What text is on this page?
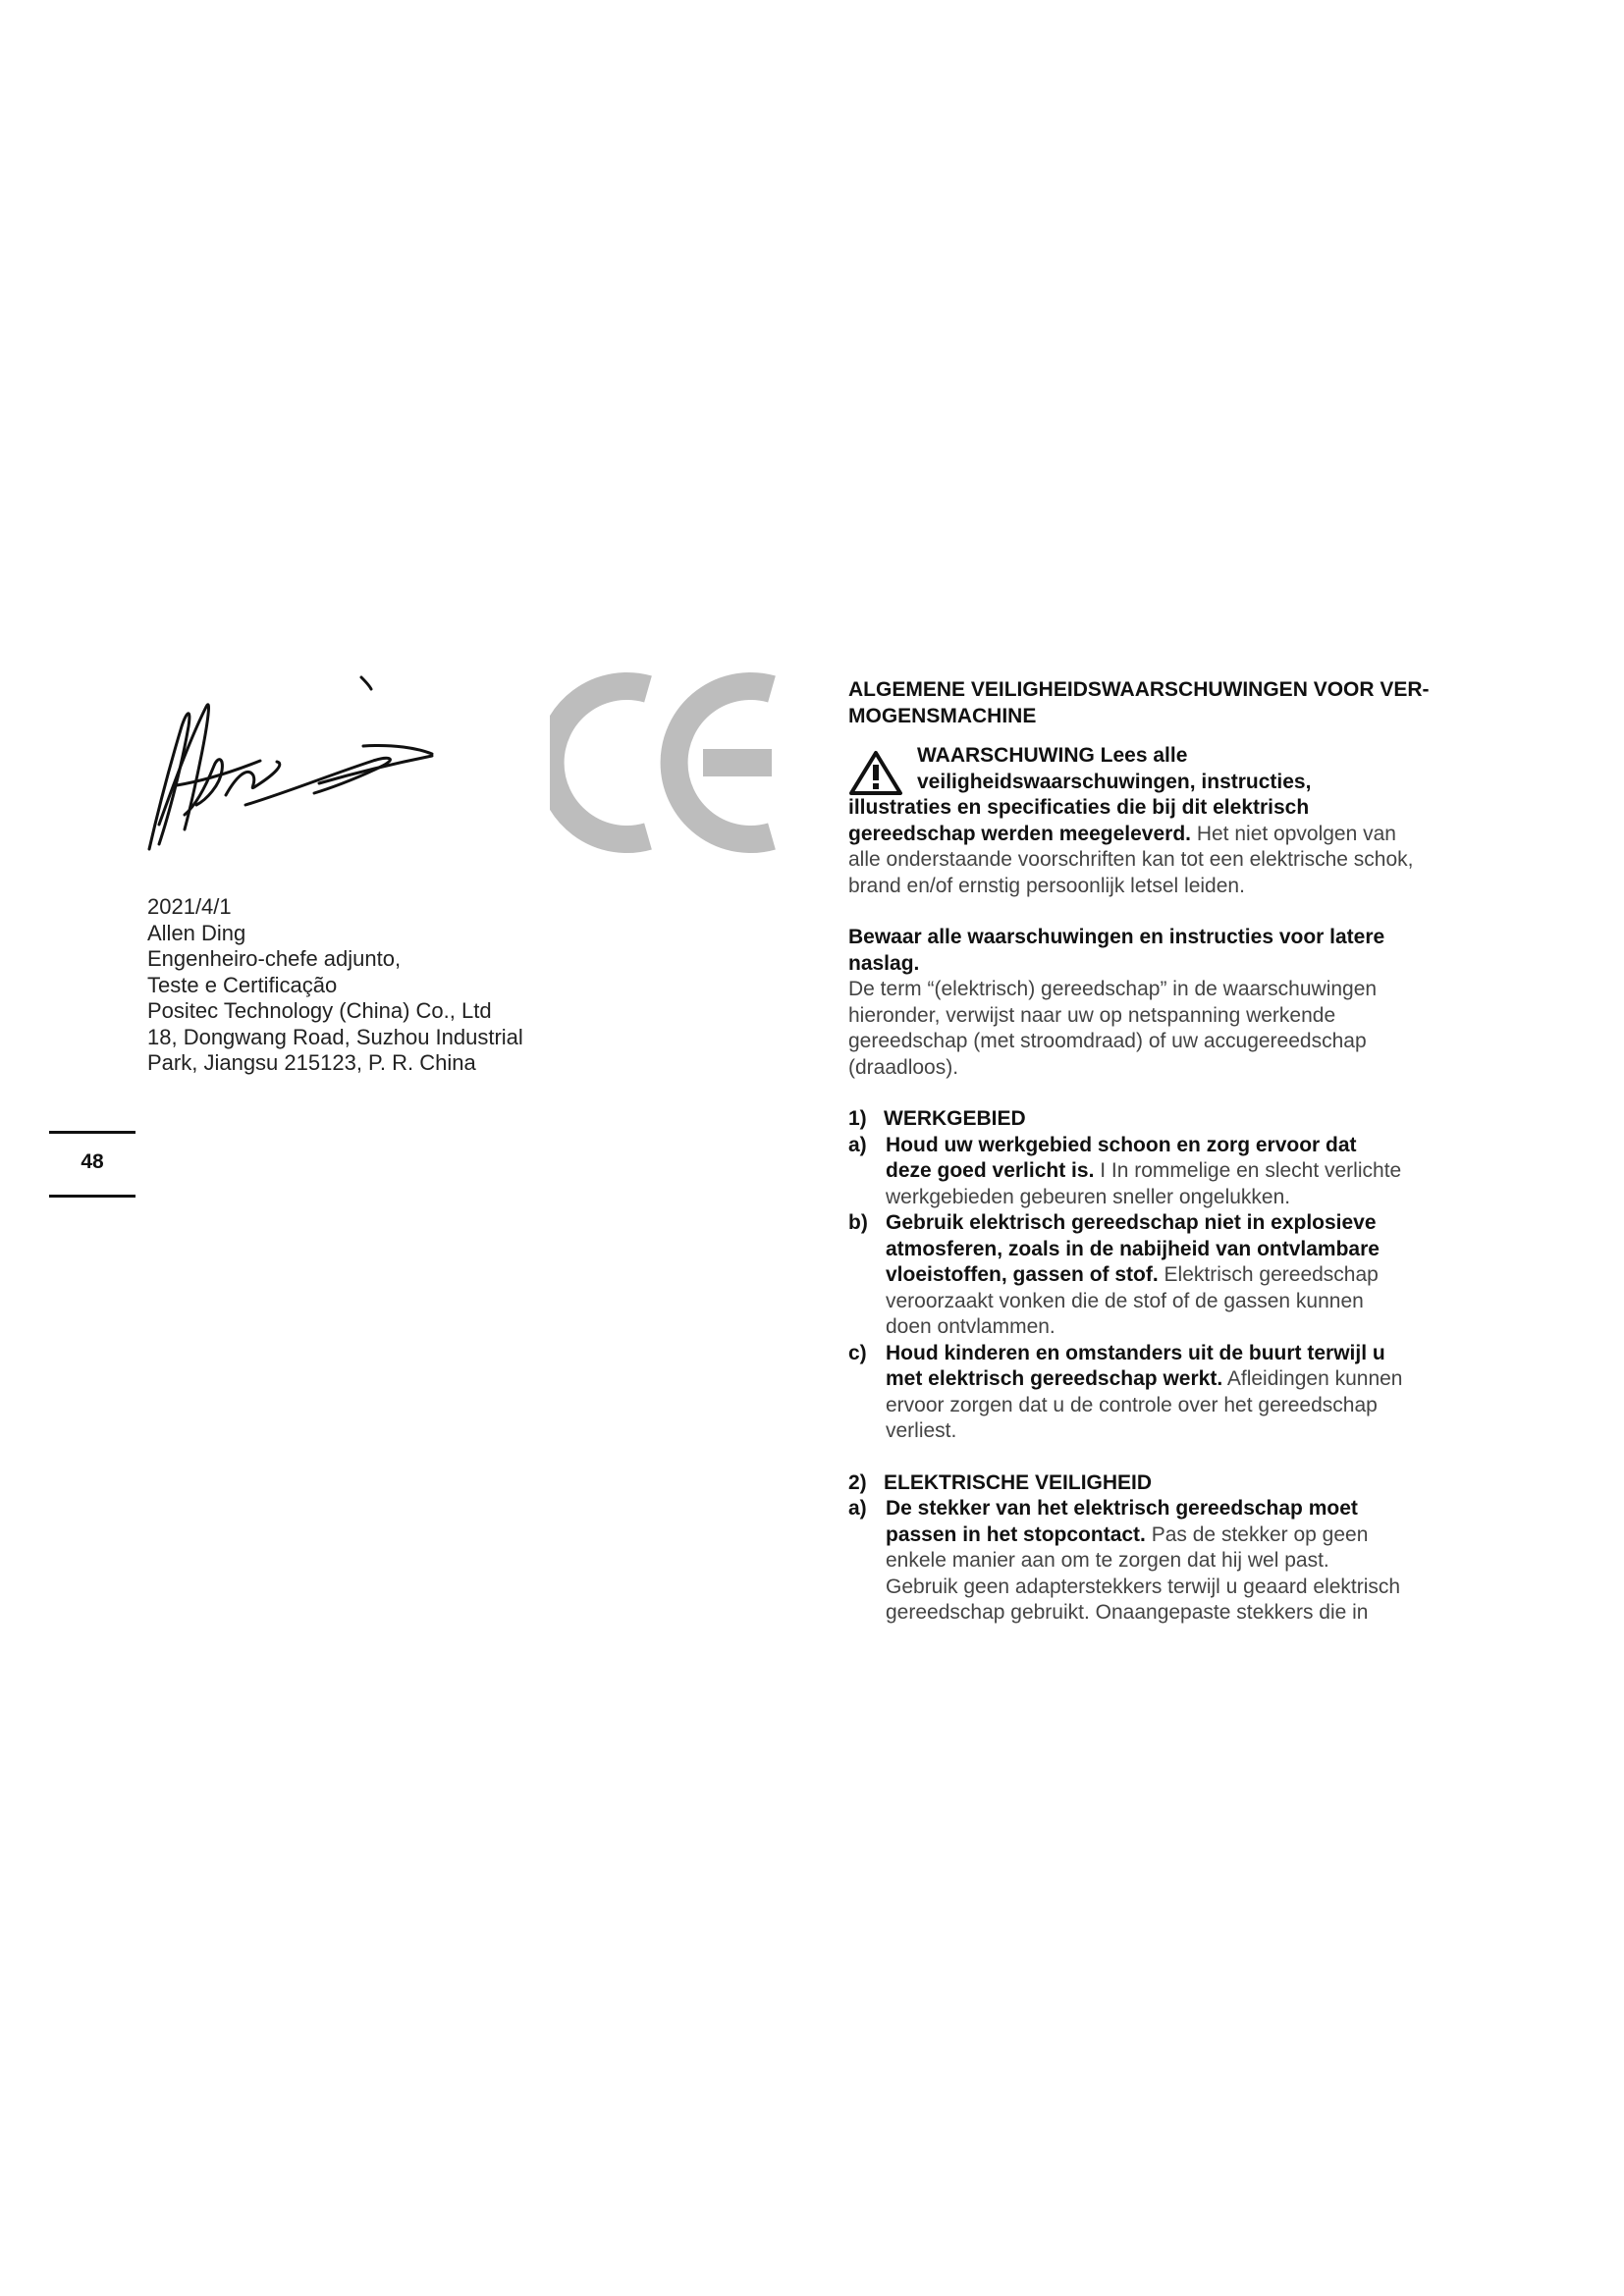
2021/4/1
Allen Ding
Engenheiro-chefe adjunto,
Teste e Certificação
Positec Technology (China) Co., Ltd
18, Dongwang Road, Suzhou Industrial
Park, Jiangsu 215123, P. R. China
48

ALGEMENE VEILIGHEIDSWAARSCHUWINGEN VOOR VER-

MOGENSMACHINE

WAARSCHUWING Lees alle

veiligheidswaarschuwingen, instructies,

illustraties en specificaties die bij dit elektrisch

gereedschap werden meegeleverd. Het niet opvolgen van

alle onderstaande voorschriften kan tot een elektrische schok,

brand en/of ernstig persoonlijk letsel leiden.

Bewaar alle waarschuwingen en instructies voor latere

naslag.

De term “(elektrisch) gereedschap” in de waarschuwingen

hieronder, verwijst naar uw op netspanning werkende

gereedschap (met stroomdraad) of uw accugereedschap

(draadloos).

1) WERKGEBIED
a) Houd uw werkgebied schoon en zorg ervoor dat

deze goed verlicht is. I In rommelige en slecht verlichte

werkgebieden gebeuren sneller ongelukken.

b) Gebruik elektrisch gereedschap niet in explosieve

atmosferen, zoals in de nabijheid van ontvlambare

vloeistoffen, gassen of stof. Elektrisch gereedschap

veroorzaakt vonken die de stof of de gassen kunnen

doen ontvlammen.

c) Houd kinderen en omstanders uit de buurt terwijl u

met elektrisch gereedschap werkt. Afleidingen kunnen

ervoor zorgen dat u de controle over het gereedschap

verliest.

2) ELEKTRISCHE VEILIGHEID
a) De stekker van het elektrisch gereedschap moet

passen in het stopcontact. Pas de stekker op geen

enkele manier aan om te zorgen dat hij wel past.

Gebruik geen adapterstekkers terwijl u geaard elektrisch

gereedschap gebruikt. Onaangepaste stekkers die in
